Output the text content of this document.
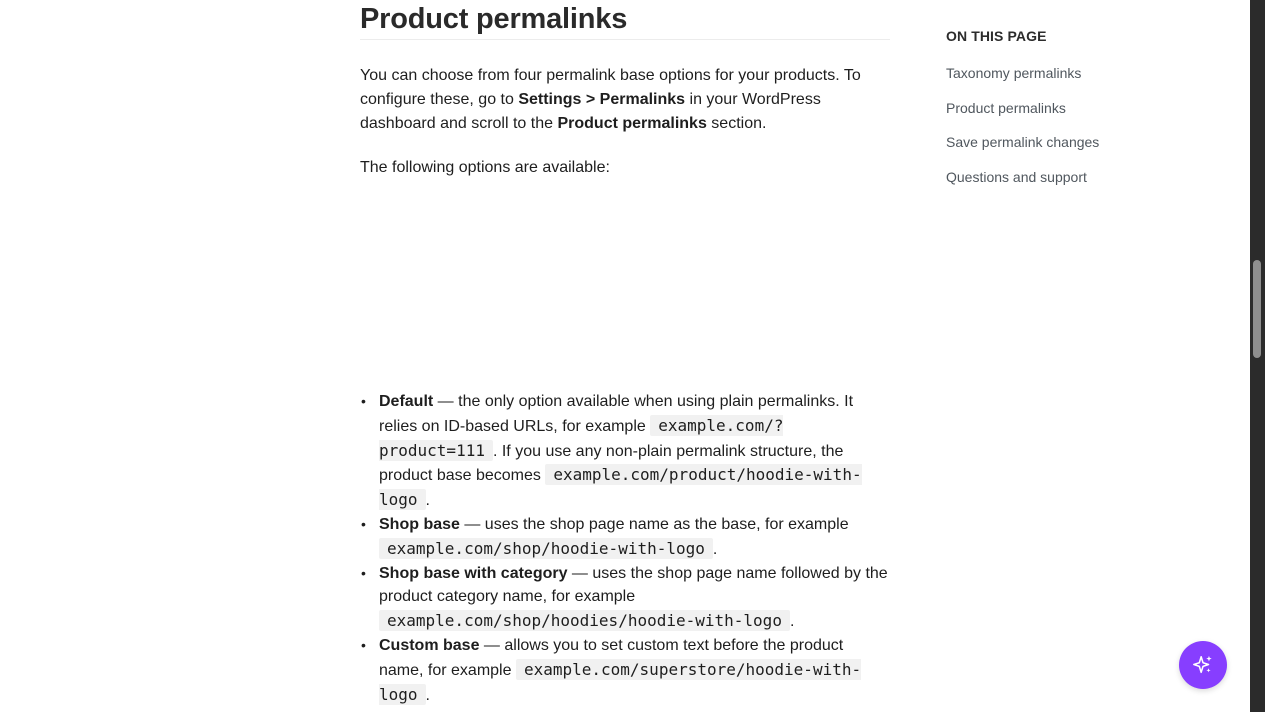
Product permalinks

You can choose from four permalink base options for your products. To configure these, go to Settings > Permalinks in your WordPress dashboard and scroll to the Product permalinks section.

The following options are available:

• Default — the only option available when using plain permalinks. It relies on ID-based URLs, for example example.com/?product=111 . If you use any non-plain permalink structure, the product base becomes example.com/product/hoodie-with-logo .
• Shop base — uses the shop page name as the base, for example example.com/shop/hoodie-with-logo .
• Shop base with category — uses the shop page name followed by the product category name, for example example.com/shop/hoodies/hoodie-with-logo .
• Custom base — allows you to set custom text before the product name, for example example.com/superstore/hoodie-with-logo .
ON THIS PAGE
Taxonomy permalinks
Product permalinks
Save permalink changes
Questions and support
